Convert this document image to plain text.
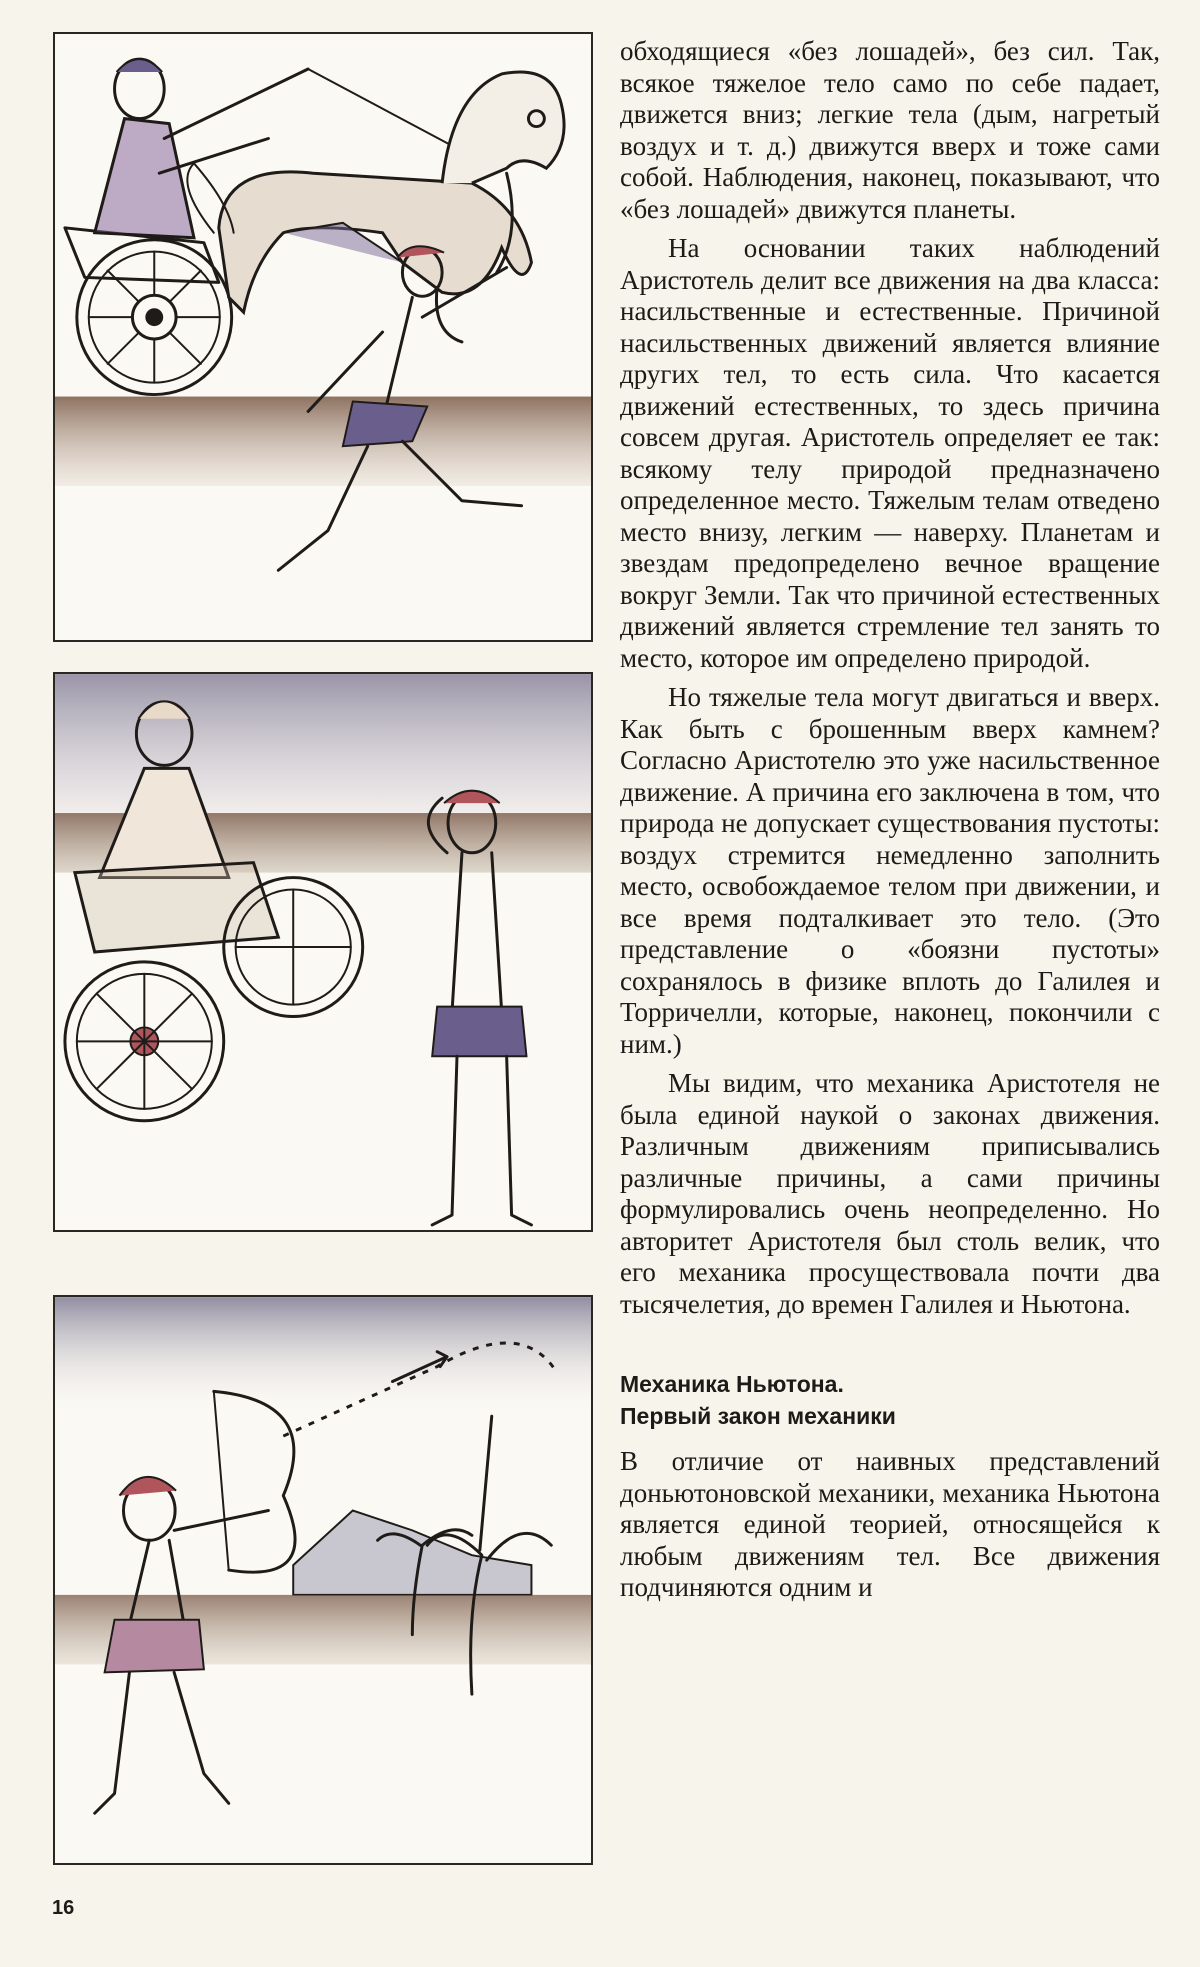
обходящиеся «без лошадей», без сил. Так, всякое тяжелое тело само по себе падает, движется вниз; легкие тела (дым, нагретый воздух и т. д.) движутся вверх и тоже сами собой. Наблюдения, наконец, показывают, что «без лошадей» движутся планеты.

На основании таких наблюдений Аристотель делит все движения на два класса: насильственные и естественные. Причиной насильственных движений является влияние других тел, то есть сила. Что касается движений естественных, то здесь причина совсем другая. Аристотель определяет ее так: всякому телу природой предназначено определенное место. Тяжелым телам отведено место внизу, легким — наверху. Планетам и звездам предопределено вечное вращение вокруг Земли. Так что причиной естественных движений является стремление тел занять то место, которое им определено природой.

Но тяжелые тела могут двигаться и вверх. Как быть с брошенным вверх камнем? Согласно Аристотелю это уже насильственное движение. А причина его заключена в том, что природа не допускает существования пустоты: воздух стремится немедленно заполнить место, освобождаемое телом при движении, и все время подталкивает это тело. (Это представление о «боязни пустоты» сохранялось в физике вплоть до Галилея и Торричелли, которые, наконец, покончили с ним.)

Мы видим, что механика Аристотеля не была единой наукой о законах движения. Различным движениям приписывались различные причины, а сами причины формулировались очень неопределенно. Но авторитет Аристотеля был столь велик, что его механика просуществовала почти два тысячелетия, до времен Галилея и Ньютона.

Механика Ньютона.
Первый закон механики

В отличие от наивных представлений доньютоновской механики, механика Ньютона является единой теорией, относящейся к любым движениям тел. Все движения подчиняются одним и

16
